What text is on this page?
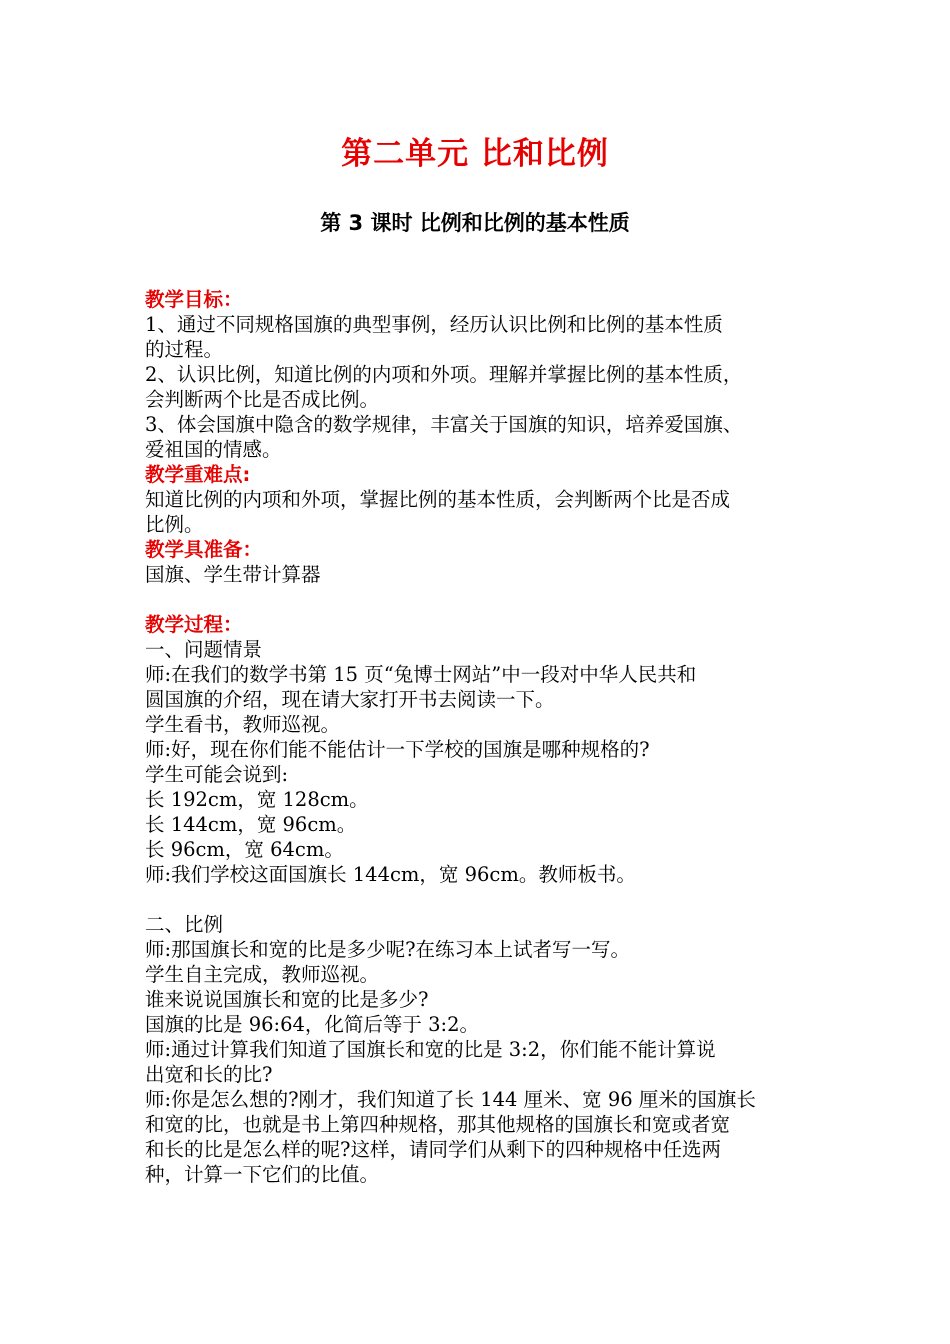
第二单元 比和比例
第 3 课时 比例和比例的基本性质
教学目标：
1、通过不同规格国旗的典型事例，经历认识比例和比例的基本性质
的过程。
2、认识比例，知道比例的内项和外项。理解并掌握比例的基本性质，
会判断两个比是否成比例。
3、体会国旗中隐含的数学规律，丰富关于国旗的知识，培养爱国旗、
爱祖国的情感。
教学重难点:
知道比例的内项和外项，掌握比例的基本性质，会判断两个比是否成
比例。
教学具准备：
国旗、学生带计算器
教学过程：
一、问题情景
师:在我们的数学书第 15 页“兔博士网站”中一段对中华人民共和
圆国旗的介绍，现在请大家打开书去阅读一下。
学生看书，教师巡视。
师:好，现在你们能不能估计一下学校的国旗是哪种规格的?
学生可能会说到:
长 192cm，宽 128cm。
长 144cm，宽 96cm。
长 96cm，宽 64cm。
师:我们学校这面国旗长 144cm，宽 96cm。教师板书。
二、比例
师:那国旗长和宽的比是多少呢?在练习本上试者写一写。
学生自主完成，教师巡视。
谁来说说国旗长和宽的比是多少?
国旗的比是 96:64，化简后等于 3:2。
师:通过计算我们知道了国旗长和宽的比是 3:2，你们能不能计算说
出宽和长的比?
师:你是怎么想的?刚才，我们知道了长 144 厘米、宽 96 厘米的国旗长
和宽的比，也就是书上第四种规格，那其他规格的国旗长和宽或者宽
和长的比是怎么样的呢?这样，请同学们从剩下的四种规格中任选两
种，计算一下它们的比值。
